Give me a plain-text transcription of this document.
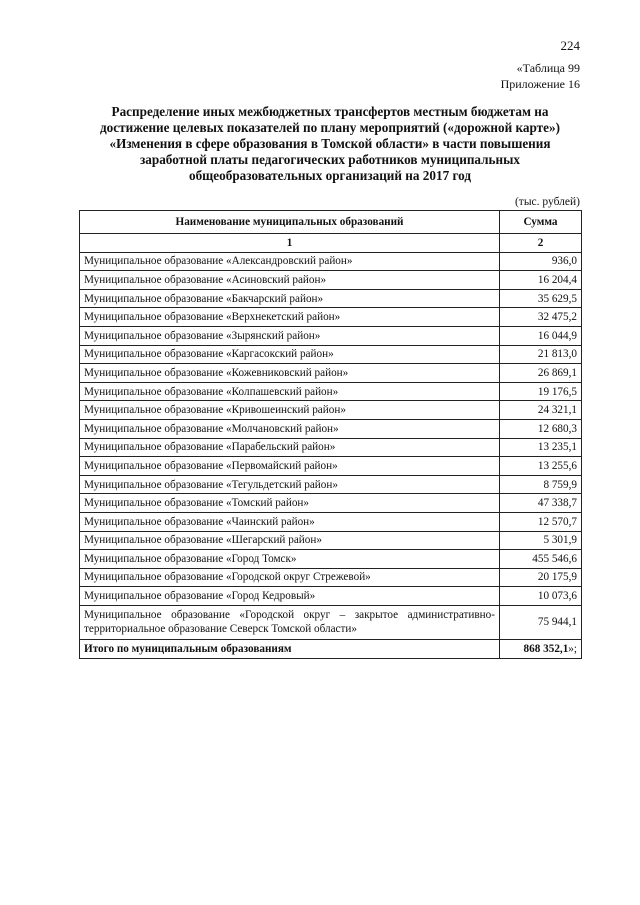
224
«Таблица 99
Приложение 16
Распределение иных межбюджетных трансфертов местным бюджетам на
достижение целевых показателей по плану мероприятий («дорожной карте»)
«Изменения в сфере образования в Томской области» в части повышения
заработной платы педагогических работников муниципальных
общеобразовательных организаций на 2017 год
(тыс. рублей)
Наименование муниципальных образований	Сумма
1	2
Муниципальное образование «Александровский район»	936,0
Муниципальное образование «Асиновский район»	16 204,4
Муниципальное образование «Бакчарский район»	35 629,5
Муниципальное образование «Верхнекетский район»	32 475,2
Муниципальное образование «Зырянский район»	16 044,9
Муниципальное образование «Каргасокский район»	21 813,0
Муниципальное образование «Кожевниковский район»	26 869,1
Муниципальное образование «Колпашевский район»	19 176,5
Муниципальное образование «Кривошеинский район»	24 321,1
Муниципальное образование «Молчановский район»	12 680,3
Муниципальное образование «Парабельский район»	13 235,1
Муниципальное образование «Первомайский район»	13 255,6
Муниципальное образование «Тегульдетский район»	8 759,9
Муниципальное образование «Томский район»	47 338,7
Муниципальное образование «Чаинский район»	12 570,7
Муниципальное образование «Шегарский район»	5 301,9
Муниципальное образование «Город Томск»	455 546,6
Муниципальное образование «Городской округ Стрежевой»	20 175,9
Муниципальное образование «Город Кедровый»	10 073,6
Муниципальное образование «Городской округ – закрытое административно-территориальное образование Северск Томской области»	75 944,1
Итого по муниципальным образованиям	868 352,1»;
